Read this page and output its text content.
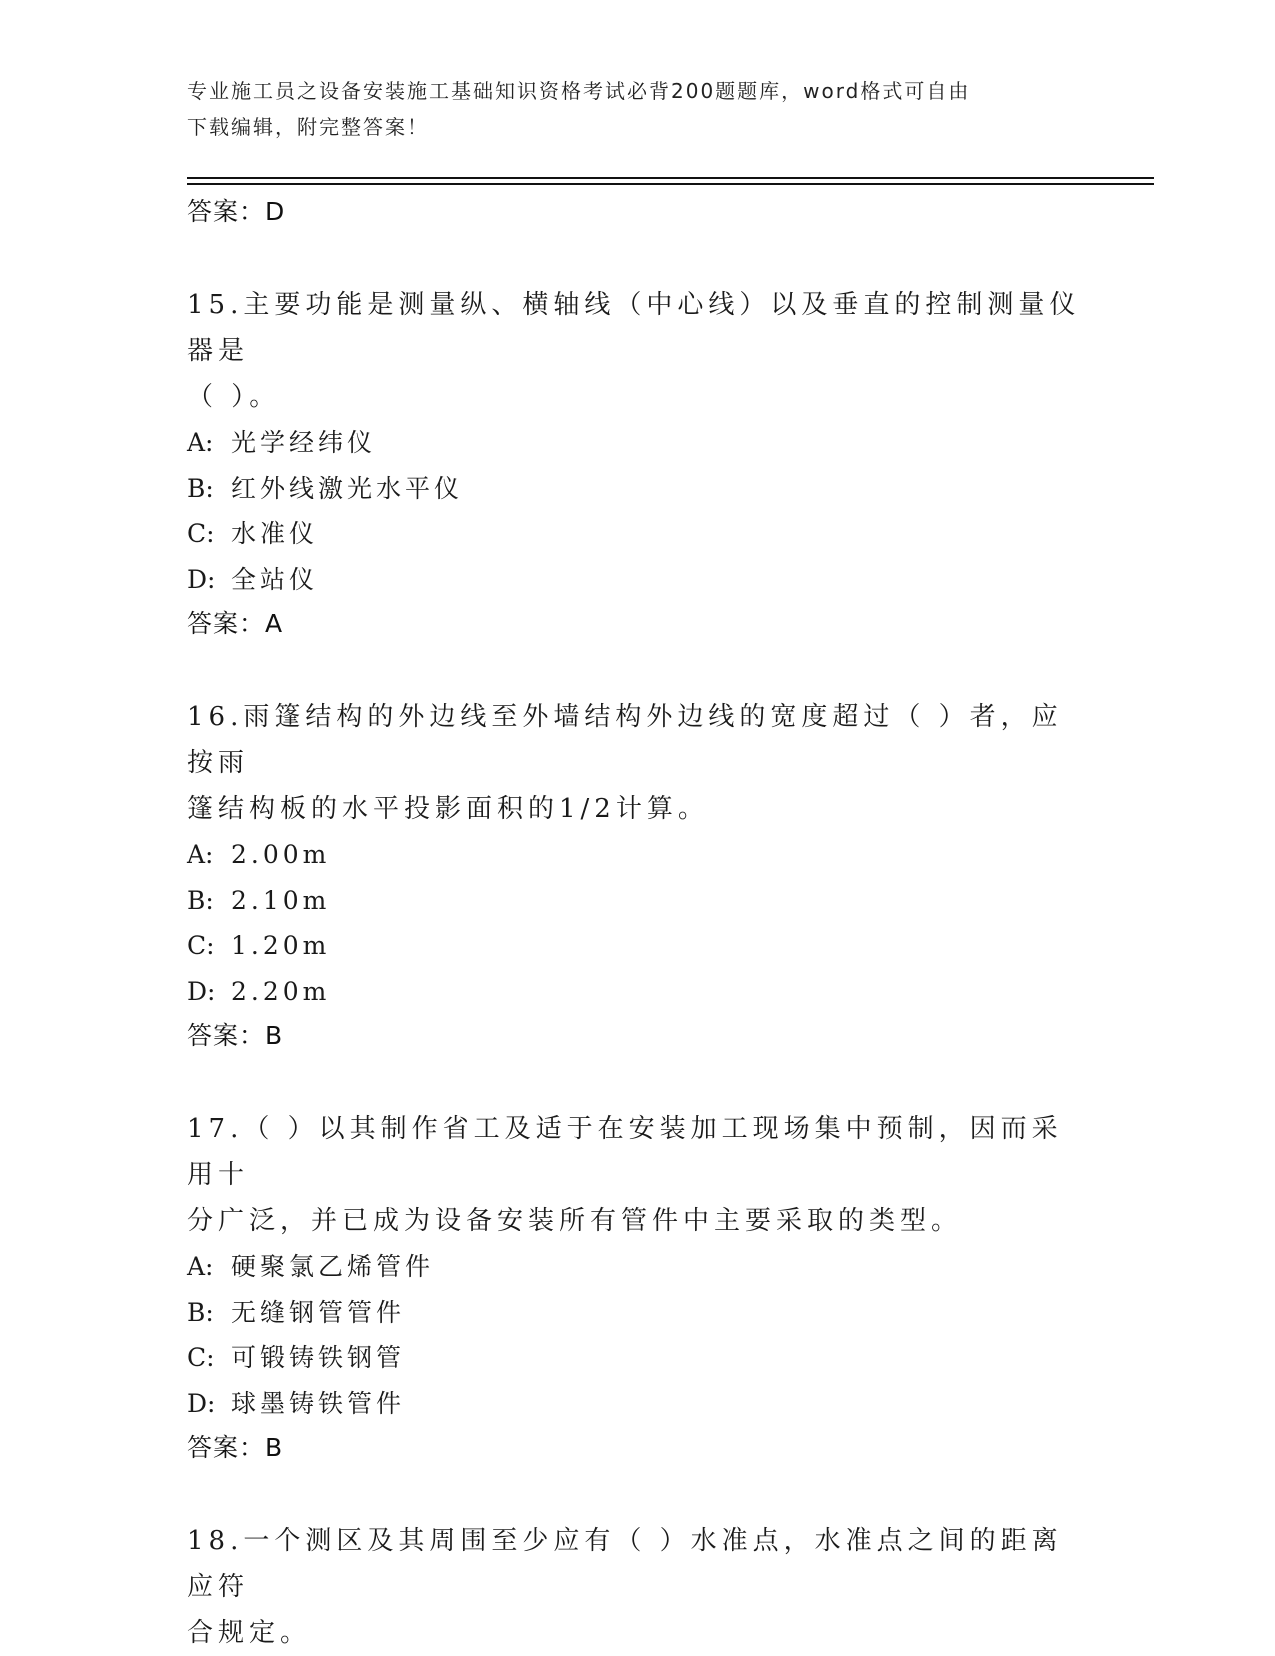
专业施工员之设备安装施工基础知识资格考试必背200题题库，word格式可自由
下载编辑，附完整答案！
答案：D
15.主要功能是测量纵、横轴线（中心线）以及垂直的控制测量仪器是
（ ）。
A: 光学经纬仪
B: 红外线激光水平仪
C: 水准仪
D: 全站仪
答案：A
16.雨篷结构的外边线至外墙结构外边线的宽度超过（ ）者，应按雨
篷结构板的水平投影面积的1/2计算。
A: 2.00m
B: 2.10m
C: 1.20m
D: 2.20m
答案：B
17.（ ）以其制作省工及适于在安装加工现场集中预制，因而采用十
分广泛，并已成为设备安装所有管件中主要采取的类型。
A: 硬聚氯乙烯管件
B: 无缝钢管管件
C: 可锻铸铁钢管
D: 球墨铸铁管件
答案：B
18.一个测区及其周围至少应有（ ）水准点，水准点之间的距离应符
合规定。
